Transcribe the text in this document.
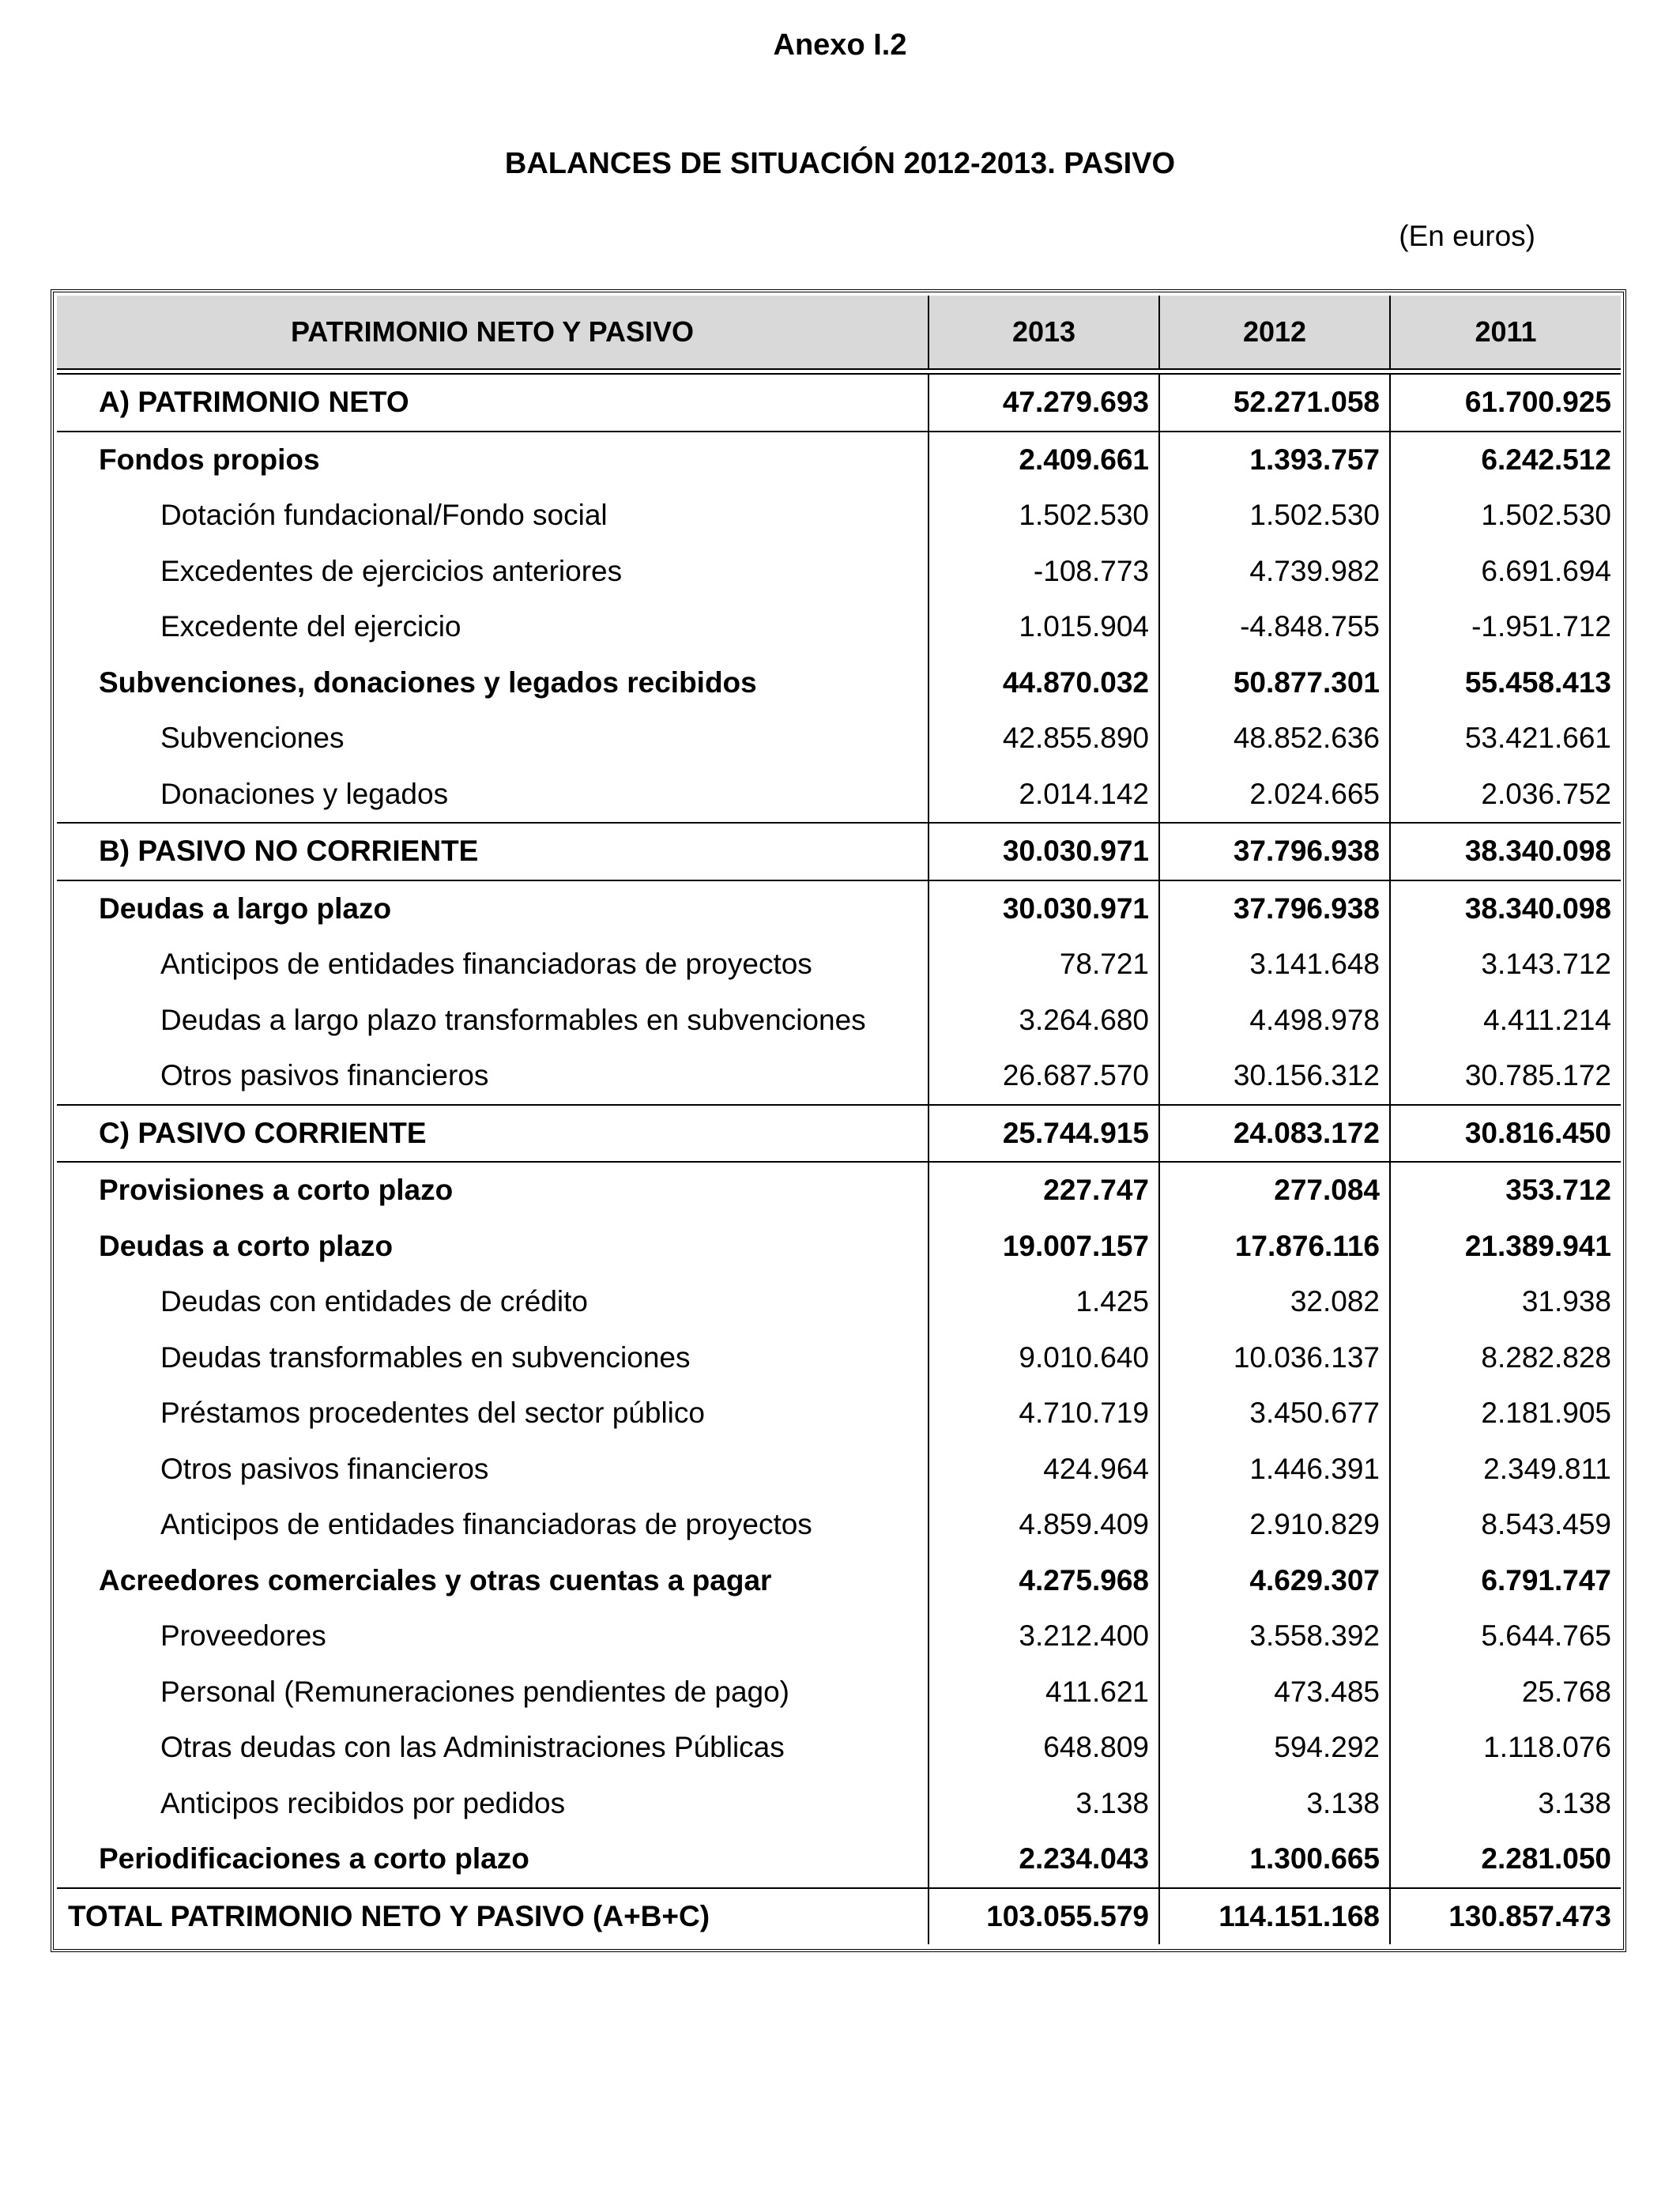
Anexo I.2
BALANCES DE SITUACIÓN 2012-2013. PASIVO
(En euros)
PATRIMONIO NETO Y PASIVO	2013	2012	2011

A) PATRIMONIO NETO	47.279.693	52.271.058	61.700.925
Fondos propios	2.409.661	1.393.757	6.242.512
Dotación fundacional/Fondo social	1.502.530	1.502.530	1.502.530
Excedentes de ejercicios anteriores	-108.773	4.739.982	6.691.694
Excedente del ejercicio	1.015.904	-4.848.755	-1.951.712
Subvenciones, donaciones y legados recibidos	44.870.032	50.877.301	55.458.413
Subvenciones	42.855.890	48.852.636	53.421.661
Donaciones y legados	2.014.142	2.024.665	2.036.752
B) PASIVO NO CORRIENTE	30.030.971	37.796.938	38.340.098
Deudas a largo plazo	30.030.971	37.796.938	38.340.098
Anticipos de entidades financiadoras de proyectos	78.721	3.141.648	3.143.712
Deudas a largo plazo transformables en subvenciones	3.264.680	4.498.978	4.411.214
Otros pasivos financieros	26.687.570	30.156.312	30.785.172
C) PASIVO CORRIENTE	25.744.915	24.083.172	30.816.450
Provisiones a corto plazo	227.747	277.084	353.712
Deudas a corto plazo	19.007.157	17.876.116	21.389.941
Deudas con entidades de crédito	1.425	32.082	31.938
Deudas transformables en subvenciones	9.010.640	10.036.137	8.282.828
Préstamos procedentes del sector público	4.710.719	3.450.677	2.181.905
Otros pasivos financieros	424.964	1.446.391	2.349.811
Anticipos de entidades financiadoras de proyectos	4.859.409	2.910.829	8.543.459
Acreedores comerciales y otras cuentas a pagar	4.275.968	4.629.307	6.791.747
Proveedores	3.212.400	3.558.392	5.644.765
Personal (Remuneraciones pendientes de pago)	411.621	473.485	25.768
Otras deudas con las Administraciones Públicas	648.809	594.292	1.118.076
Anticipos recibidos por pedidos	3.138	3.138	3.138
Periodificaciones a corto plazo	2.234.043	1.300.665	2.281.050
TOTAL PATRIMONIO NETO Y PASIVO (A+B+C)	103.055.579	114.151.168	130.857.473
